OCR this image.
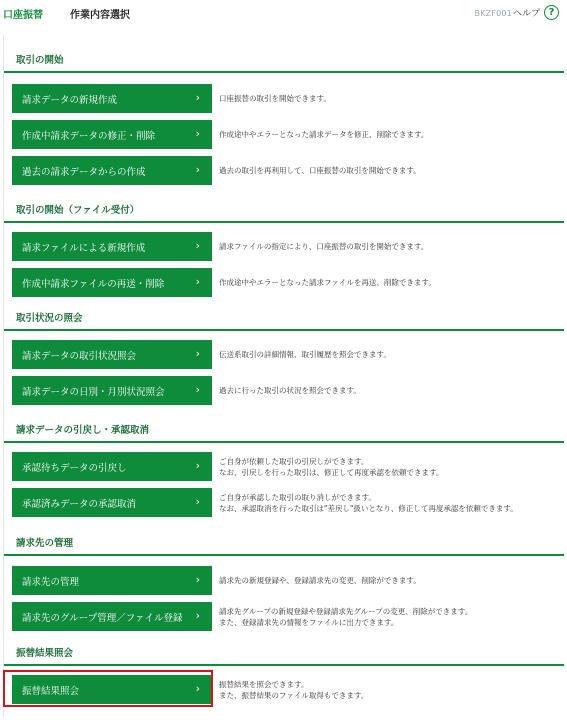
口座振替	作業内容選択	BKZF001 ヘルプ ?
取引の開始
請求データの新規作成	›	口座振替の取引を開始できます。
作成中請求データの修正・削除	›	作成途中やエラーとなった請求データを修正、削除できます。
過去の請求データからの作成	›	過去の取引を再利用して、口座振替の取引を開始できます。
取引の開始（ファイル受付）
請求ファイルによる新規作成	›	請求ファイルの指定により、口座振替の取引を開始できます。
作成中請求ファイルの再送・削除	›	作成途中やエラーとなった請求ファイルを再送、削除できます。
取引状況の照会
請求データの取引状況照会	›	伝送系取引の詳細情報、取引履歴を照会できます。
請求データの日別・月別状況照会	›	過去に行った取引の状況を照会できます。
請求データの引戻し・承認取消
承認待ちデータの引戻し	›	ご自身が依頼した取引の引戻しができます。
なお、引戻しを行った取引は、修正して再度承認を依頼できます。
承認済みデータの承認取消	›	ご自身が承認した取引の取り消しができます。
なお、承認取消を行った取引は"差戻し"扱いとなり、修正して再度承認を依頼できます。
請求先の管理
請求先の管理	›	請求先の新規登録や、登録請求先の変更、削除ができます。
請求先のグループ管理／ファイル登録 ›	請求先グループの新規登録や登録請求先グループの変更、削除ができます。
また、登録請求先の情報をファイルに出力できます。
振替結果照会
振替結果照会	›	振替結果を照会できます。
また、振替結果のファイル取得もできます。
